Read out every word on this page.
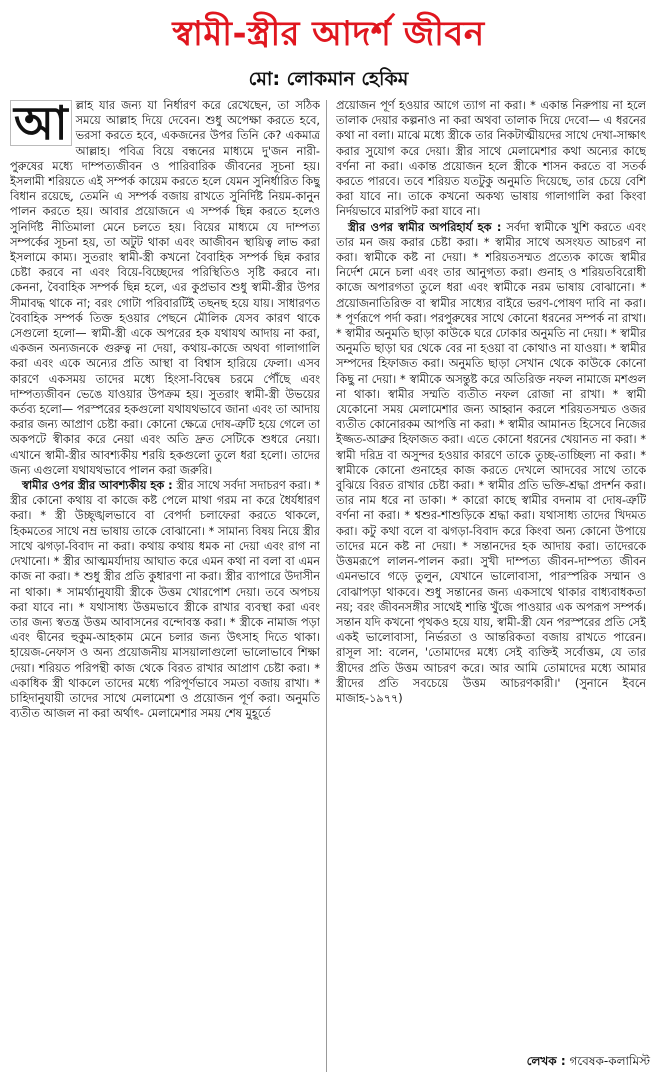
স্বামী-স্ত্রীর আদর্শ জীবন
মো: লোকমান হেকিম

আ ল্লাহ যার জন্য যা নির্ধারণ করে রেখেছেন, তা সঠিক সময়ে আল্লাহ দিয়ে দেবেন। শুধু অপেক্ষা করতে হবে, ভরসা করতে হবে, একজনের উপর তিনি কে? একমাত্র আল্লাহ। পবিত্র বিয়ে বন্ধনের মাধ্যমে দু'জন নারী-পুরুষের মধ্যে দাম্পত্যজীবন ও পারিবারিক জীবনের সূচনা হয়। ইসলামী শরিয়তে এই সম্পর্ক কায়েম করতে হলে যেমন সুনির্ধারিত কিছু বিধান রয়েছে, তেমনি এ সম্পর্ক বজায় রাখতে সুনির্দিষ্ট নিয়ম-কানুন পালন করতে হয়। আবার প্রয়োজনে এ সম্পর্ক ছিন্ন করতে হলেও সুনির্দিষ্ট নীতিমালা মেনে চলতে হয়। বিয়ের মাধ্যমে যে দাম্পত্য সম্পর্কের সূচনা হয়, তা অটুট থাকা এবং আজীবন স্থায়িত্ব লাভ করা ইসলামে কাম্য। সুতরাং স্বামী-স্ত্রী কখনো বৈবাহিক সম্পর্ক ছিন্ন করার চেষ্টা করবে না এবং বিয়ে-বিচ্ছেদের পরিস্থিতিও সৃষ্টি করবে না। কেননা, বৈবাহিক সম্পর্ক ছিন্ন হলে, এর কুপ্রভাব শুধু স্বামী-স্ত্রীর উপর সীমাবদ্ধ থাকে না; বরং গোটা পরিবারটিই তছনছ হয়ে যায়। সাধারণত বৈবাহিক সম্পর্ক তিক্ত হওয়ার পেছনে মৌলিক যেসব কারণ থাকে সেগুলো হলো— স্বামী-স্ত্রী একে অপরের হক যথাযথ আদায় না করা, একজন অন্যজনকে গুরুত্ব না দেয়া, কথায়-কাজে অথবা গালাগালি করা এবং একে অন্যের প্রতি আস্থা বা বিশ্বাস হারিয়ে ফেলা। এসব কারণে একসময় তাদের মধ্যে হিংসা-বিদ্বেষ চরমে পৌঁছে এবং দাম্পত্যজীবন ভেঙে যাওয়ার উপক্রম হয়। সুতরাং স্বামী-স্ত্রী উভয়ের কর্তব্য হলো— পরস্পরের হকগুলো যথাযথভাবে জানা এবং তা আদায় করার জন্য আপ্রাণ চেষ্টা করা। কোনো ক্ষেত্রে দোষ-ত্রুটি হয়ে গেলে তা অকপটে স্বীকার করে নেয়া এবং অতি দ্রুত সেটিকে শুধরে নেয়া। এখানে স্বামী-স্ত্রীর আবশ্যকীয় শরয়ি হকগুলো তুলে ধরা হলো। তাদের জন্য এগুলো যথাযথভাবে পালন করা জরুরি।

স্বামীর ওপর স্ত্রীর আবশ্যকীয় হক : স্ত্রীর সাথে সর্বদা সদাচরণ করা। * স্ত্রীর কোনো কথায় বা কাজে কষ্ট পেলে মাথা গরম না করে ধৈর্যধারণ করা। * স্ত্রী উচ্ছৃঙ্খলভাবে বা বেপর্দা চলাফেরা করতে থাকলে, হিকমতের সাথে নম্র ভাষায় তাকে বোঝানো। * সামান্য বিষয় নিয়ে স্ত্রীর সাথে ঝগড়া-বিবাদ না করা। কথায় কথায় ধমক না দেয়া এবং রাগ না দেখানো। * স্ত্রীর আত্মমর্যাদায় আঘাত করে এমন কথা না বলা বা এমন কাজ না করা। * শুধু স্ত্রীর প্রতি কুধারণা না করা। স্ত্রীর ব্যাপারে উদাসীন না থাকা। * সামর্থ্যানুযায়ী স্ত্রীকে উত্তম খোরপোশ দেয়া। তবে অপচয় করা যাবে না। * যথাসাধ্য উত্তমভাবে স্ত্রীকে রাখার ব্যবস্থা করা এবং তার জন্য স্বতন্ত্র উত্তম আবাসনের বন্দোবস্ত করা। * স্ত্রীকে নামাজ পড়া এবং দ্বীনের হুকুম-আহকাম মেনে চলার জন্য উৎসাহ দিতে থাকা। হায়েজ-নেফাস ও অন্য প্রয়োজনীয় মাসয়ালাগুলো ভালোভাবে শিক্ষা দেয়া। শরিয়ত পরিপন্থী কাজ থেকে বিরত রাখার আপ্রাণ চেষ্টা করা। * একাধিক স্ত্রী থাকলে তাদের মধ্যে পরিপূর্ণভাবে সমতা বজায় রাখা। * চাহিদানুযায়ী তাদের সাথে মেলামেশা ও প্রয়োজন পূর্ণ করা। অনুমতি ব্যতীত আজল না করা অর্থাৎ- মেলামেশার সময় শেষ মুহূর্তে

প্রয়োজন পূর্ণ হওয়ার আগে ত্যাগ না করা। * একান্ত নিরুপায় না হলে তালাক দেয়ার কল্পনাও না করা অথবা তালাক দিয়ে দেবো— এ ধরনের কথা না বলা। মাঝে মধ্যে স্ত্রীকে তার নিকটাত্মীয়দের সাথে দেখা-সাক্ষাৎ করার সুযোগ করে দেয়া। স্ত্রীর সাথে মেলামেশার কথা অন্যের কাছে বর্ণনা না করা। একান্ত প্রয়োজন হলে স্ত্রীকে শাসন করতে বা সতর্ক করতে পারবে। তবে শরিয়ত যতটুকু অনুমতি দিয়েছে, তার চেয়ে বেশি করা যাবে না। তাকে কখনো অকথ্য ভাষায় গালাগালি করা কিংবা নির্দয়ভাবে মারপিট করা যাবে না।

স্ত্রীর ওপর স্বামীর অপরিহার্য হক : সর্বদা স্বামীকে খুশি করতে এবং তার মন জয় করার চেষ্টা করা। * স্বামীর সাথে অসংযত আচরণ না করা। স্বামীকে কষ্ট না দেয়া। * শরিয়তসম্মত প্রত্যেক কাজে স্বামীর নির্দেশ মেনে চলা এবং তার আনুগত্য করা। গুনাহ ও শরিয়তবিরোধী কাজে অপারগতা তুলে ধরা এবং স্বামীকে নরম ভাষায় বোঝানো। * প্রয়োজনাতিরিক্ত বা স্বামীর সাধ্যের বাইরে ভরণ-পোষণ দাবি না করা। * পূর্ণরূপে পর্দা করা। পরপুরুষের সাথে কোনো ধরনের সম্পর্ক না রাখা। * স্বামীর অনুমতি ছাড়া কাউকে ঘরে ঢোকার অনুমতি না দেয়া। * স্বামীর অনুমতি ছাড়া ঘর থেকে বের না হওয়া বা কোথাও না যাওয়া। * স্বামীর সম্পদের হিফাজত করা। অনুমতি ছাড়া সেখান থেকে কাউকে কোনো কিছু না দেয়া। * স্বামীকে অসন্তুষ্ট করে অতিরিক্ত নফল নামাজে মশগুল না থাকা। স্বামীর সম্মতি ব্যতীত নফল রোজা না রাখা। * স্বামী যেকোনো সময় মেলামেশার জন্য আহ্বান করলে শরিয়তসম্মত ওজর ব্যতীত কোনোরকম আপত্তি না করা। * স্বামীর আমানত হিসেবে নিজের ইজ্জত-আব্রুর হিফাজত করা। এতে কোনো ধরনের খেয়ানত না করা। * স্বামী দরিদ্র বা অসুন্দর হওয়ার কারণে তাকে তুচ্ছ-তাচ্ছিল্য না করা। * স্বামীকে কোনো গুনাহের কাজ করতে দেখলে আদবের সাথে তাকে বুঝিয়ে বিরত রাখার চেষ্টা করা। * স্বামীর প্রতি ভক্তি-শ্রদ্ধা প্রদর্শন করা। তার নাম ধরে না ডাকা। * কারো কাছে স্বামীর বদনাম বা দোষ-ত্রুটি বর্ণনা না করা। * শ্বশুর-শাশুড়িকে শ্রদ্ধা করা। যথাসাধ্য তাদের খিদমত করা। কটু কথা বলে বা ঝগড়া-বিবাদ করে কিংবা অন্য কোনো উপায়ে তাদের মনে কষ্ট না দেয়া। * সন্তানদের হক আদায় করা। তাদেরকে উত্তমরূপে লালন-পালন করা। সুখী দাম্পত্য জীবন-দাম্পত্য জীবন এমনভাবে গড়ে তুলুন, যেখানে ভালোবাসা, পারস্পরিক সম্মান ও বোঝাপড়া থাকবে। শুধু সন্তানের জন্য একসাথে থাকার বাধ্যবাধকতা নয়; বরং জীবনসঙ্গীর সাথেই শান্তি খুঁজে পাওয়ার এক অপরূপ সম্পর্ক। সন্তান যদি কখনো পৃথকও হয়ে যায়, স্বামী-স্ত্রী যেন পরস্পরের প্রতি সেই একই ভালোবাসা, নির্ভরতা ও আন্তরিকতা বজায় রাখতে পারেন। রাসূল সা: বলেন, 'তোমাদের মধ্যে সেই ব্যক্তিই সর্বোত্তম, যে তার স্ত্রীদের প্রতি উত্তম আচরণ করে। আর আমি তোমাদের মধ্যে আমার স্ত্রীদের প্রতি সবচেয়ে উত্তম আচরণকারী।' (সুনানে ইবনে মাজাহ-১৯৭৭)

লেখক : গবেষক-কলামিস্ট
